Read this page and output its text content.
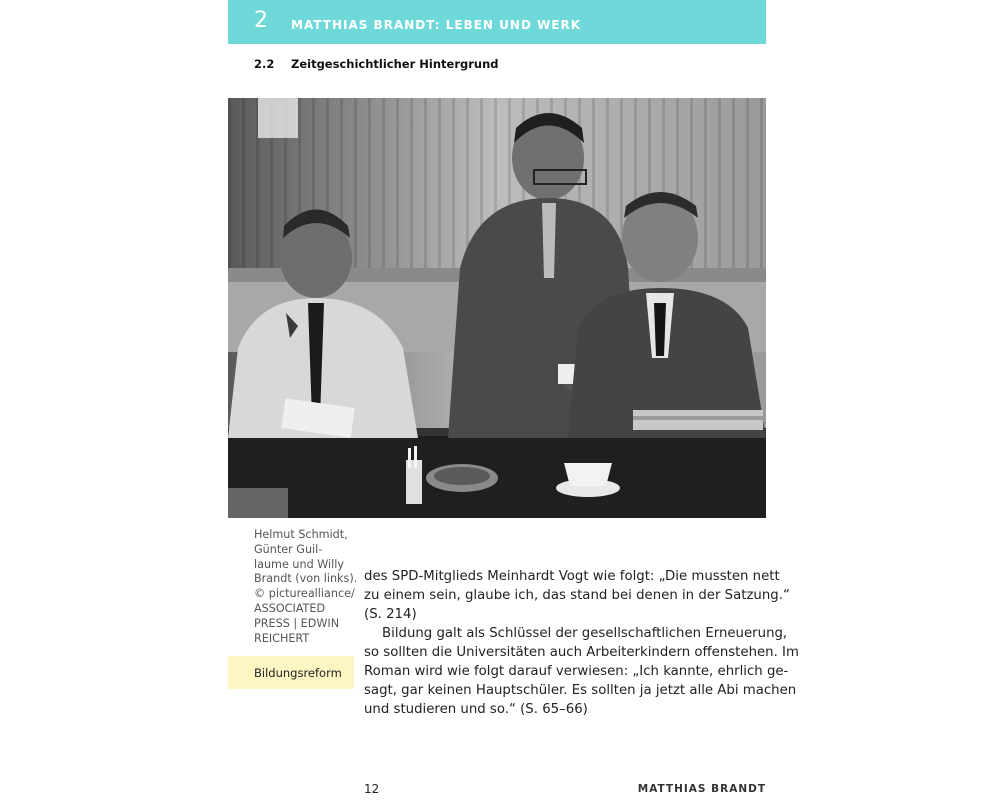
2 MATTHIAS BRANDT: LEBEN UND WERK
2.2 Zeitgeschichtlicher Hintergrund
Helmut Schmidt,
Günter Guil-
laume und Willy
Brandt (von links).
© picturealliance/
ASSOCIATED
PRESS | EDWIN
REICHERT
Bildungsreform
des SPD-Mitglieds Meinhardt Vogt wie folgt: „Die mussten nett
zu einem sein, glaube ich, das stand bei denen in der Satzung.“
(S. 214)
Bildung galt als Schlüssel der gesellschaftlichen Erneuerung,
so sollten die Universitäten auch Arbeiterkindern offenstehen. Im
Roman wird wie folgt darauf verwiesen: „Ich kannte, ehrlich ge-
sagt, gar keinen Hauptschüler. Es sollten ja jetzt alle Abi machen
und studieren und so.“ (S. 65–66)
12	MATTHIAS BRANDT
